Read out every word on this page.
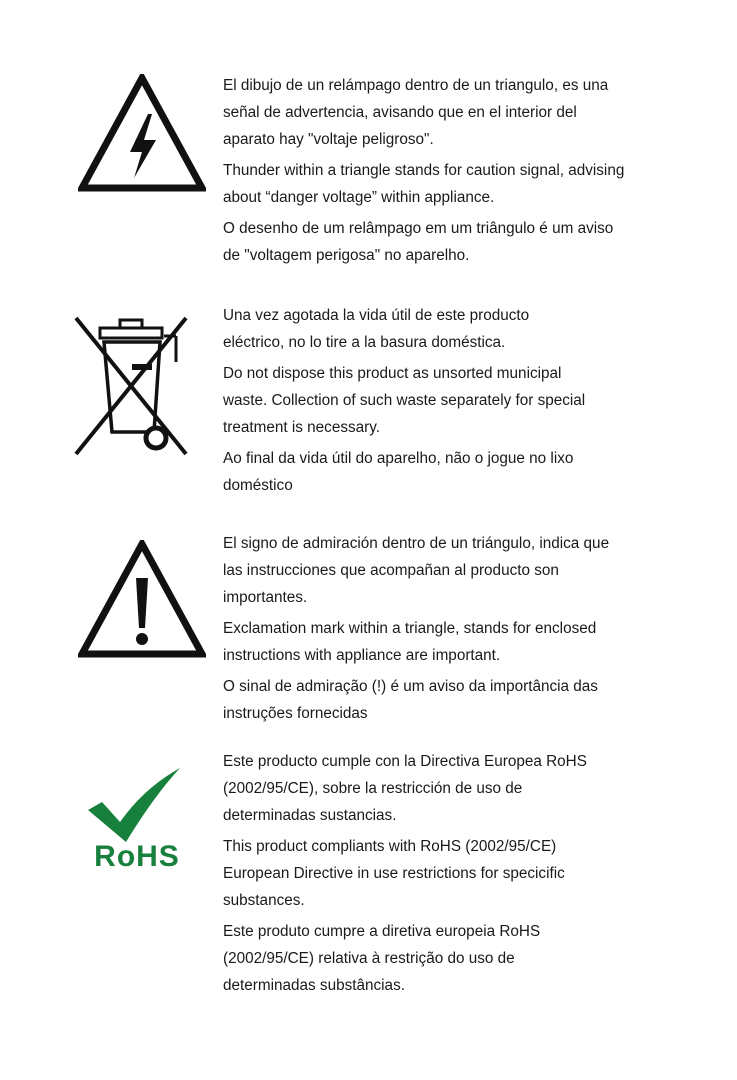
El dibujo de un relámpago dentro de un triangulo, es una
señal de advertencia, avisando que en el interior del
aparato hay "voltaje peligroso".

Thunder within a triangle stands for caution signal, advising
about “danger voltage” within appliance.

O desenho de um relâmpago em um triângulo é um aviso
de "voltagem perigosa" no aparelho.

Una vez agotada la vida útil de este producto
eléctrico, no lo tire a la basura doméstica.

Do not dispose this product as unsorted municipal
waste. Collection of such waste separately for special
treatment is necessary.

Ao final da vida útil do aparelho, não o jogue no lixo
doméstico

El signo de admiración dentro de un triángulo, indica que
las instrucciones que acompañan al producto son
importantes.

Exclamation mark within a triangle, stands for enclosed
instructions with appliance are important.

O sinal de admiração (!) é um aviso da importância das
instruções fornecidas

RoHS

Este producto cumple con la Directiva Europea RoHS
(2002/95/CE), sobre la restricción de uso de
determinadas sustancias.

This product compliants with RoHS (2002/95/CE)
European Directive in use restrictions for specicific
substances.

Este produto cumpre a diretiva europeia RoHS
(2002/95/CE) relativa à restrição do uso de
determinadas substâncias.
